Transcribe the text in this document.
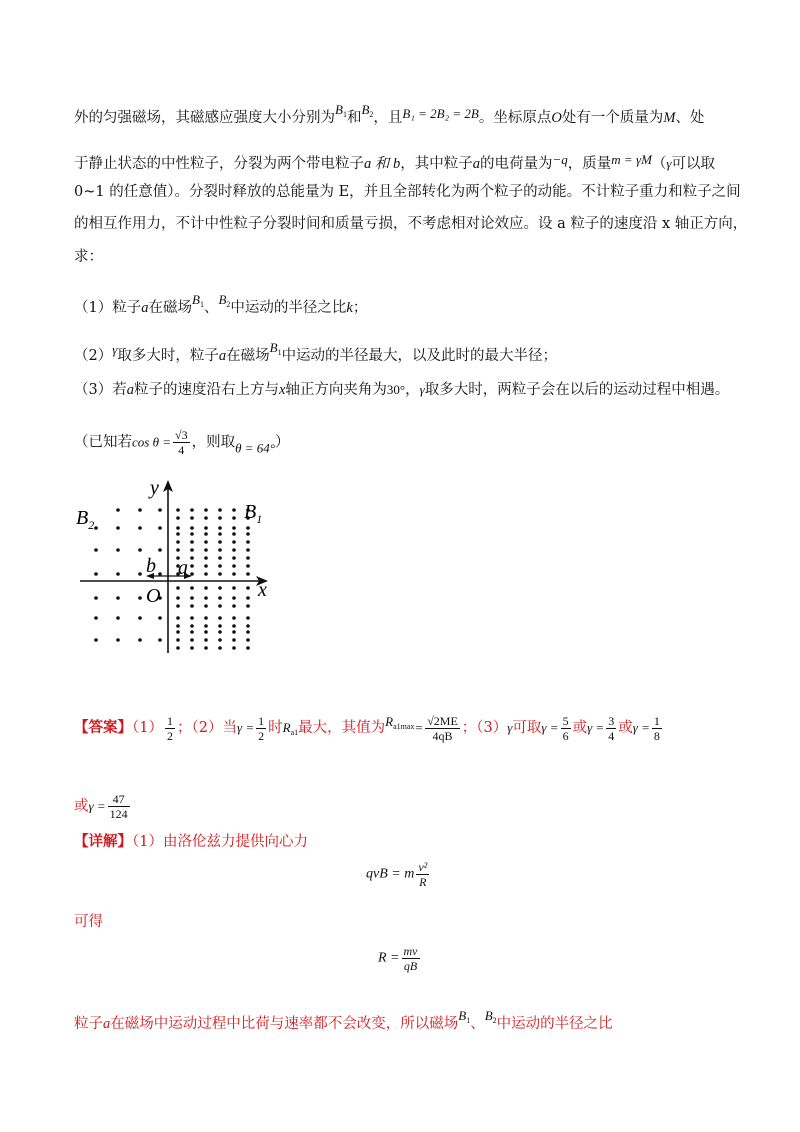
外的匀强磁场，其磁感应强度大小分别为$B_1$和$B_2$，且B₁ = 2B₂ = 2B。坐标原点O处有一个质量为M、处
于静止状态的中性粒子，分裂为两个带电粒子a 和 b，其中粒子a的电荷量为−q，质量m = γM（γ可以取
0~1 的任意值）。分裂时释放的总能量为 E，并且全部转化为两个粒子的动能。不计粒子重力和粒子之间
的相互作用力，不计中性粒子分裂时间和质量亏损，不考虑相对论效应。设 a 粒子的速度沿 x 轴正方向，
求：
（1）粒子a在磁场$B_1$、$B_2$中运动的半径之比k；
（2）γ取多大时，粒子a在磁场$B_1$中运动的半径最大，以及此时的最大半径；
（3）若a粒子的速度沿右上方与x轴正方向夹角为30°，γ取多大时，两粒子会在以后的运动过程中相遇。
（已知若$\cos \theta = \frac{√3}{4}$ ，则取θ = 64°）
y
x
O
a
b
$B_1$
$B_2$
【答案】$(1) \frac{1}{2}$ ；（2）当$\gamma = \frac{1}{2}$ 时$R_{a1}$最大，其值为$R_{a1max}= \frac{√2ME}{4qB}$ ；（3）γ可取$\gamma = \frac{5}{6}$ 或$\gamma = \frac{3}{4}$ 或$\gamma = \frac{1}{8}$
或$\gamma = \frac{47}{124}$
【详解】（1）由洛伦兹力提供向心力
qvB = m $\frac{\text{v²}}{R}$
可得
$R = \frac{mv}{qB}$
粒子a在磁场中运动过程中比荷与速率都不会改变，所以磁场$B_1$、$B_2$中运动的半径之比
